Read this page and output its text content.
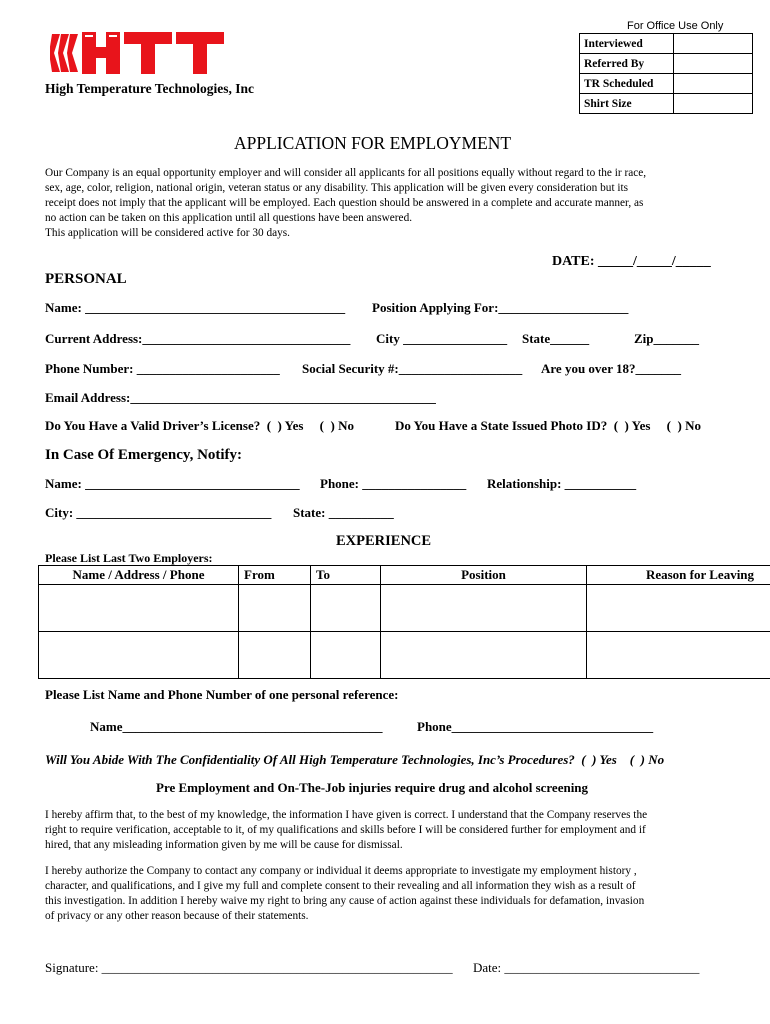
High Temperature Technologies, Inc
For Office Use Only
Interviewed	
Referred By	
TR Scheduled	
Shirt Size	
APPLICATION FOR EMPLOYMENT
Our Company is an equal opportunity employer and will consider all applicants for all positions equally without regard to the ir race,
sex, age, color, religion, national origin, veteran status or any disability. This application will be given every consideration but its
receipt does not imply that the applicant will be employed. Each question should be answered in a complete and accurate manner, as
no action can be taken on this application until all questions have been answered.
This application will be considered active for 30 days.
DATE: _____/_____/_____
PERSONAL
Name: ________________________________________ Position Applying For:____________________
Current Address:________________________________ City ________________ State______	Zip_______
Phone Number: ______________________ Social Security #:___________________ Are you over 18?_______
Email Address:_______________________________________________
Do You Have a Valid Driver’s License?  (  ) Yes     (  ) No	Do You Have a State Issued Photo ID?  (  ) Yes     (  ) No
In Case Of Emergency, Notify:
Name: _________________________________ Phone: ________________ Relationship: ___________
City: ______________________________ State: __________
EXPERIENCE
Please List Last Two Employers:
Name / Address / Phone	From	To	Position	Reason for Leaving

Please List Name and Phone Number of one personal reference:
Name________________________________________	Phone_______________________________
Will You Abide With The Confidentiality Of All High Temperature Technologies, Inc’s Procedures?  (  ) Yes    (  ) No
Pre Employment and On-The-Job injuries require drug and alcohol screening
I hereby affirm that, to the best of my knowledge, the information I have given is correct. I understand that the Company reserves the
right to require verification, acceptable to it, of my qualifications and skills before I will be considered further for employment and if
hired, that any misleading information given by me will be cause for dismissal.
I hereby authorize the Company to contact any company or individual it deems appropriate to investigate my employment history ,
character, and qualifications, and I give my full and complete consent to their revealing and all information they wish as a result of
this investigation. In addition I hereby waive my right to bring any cause of action against these individuals for defamation, invasion
of privacy or any other reason because of their statements.
Signature: ______________________________________________________ Date: ______________________________
